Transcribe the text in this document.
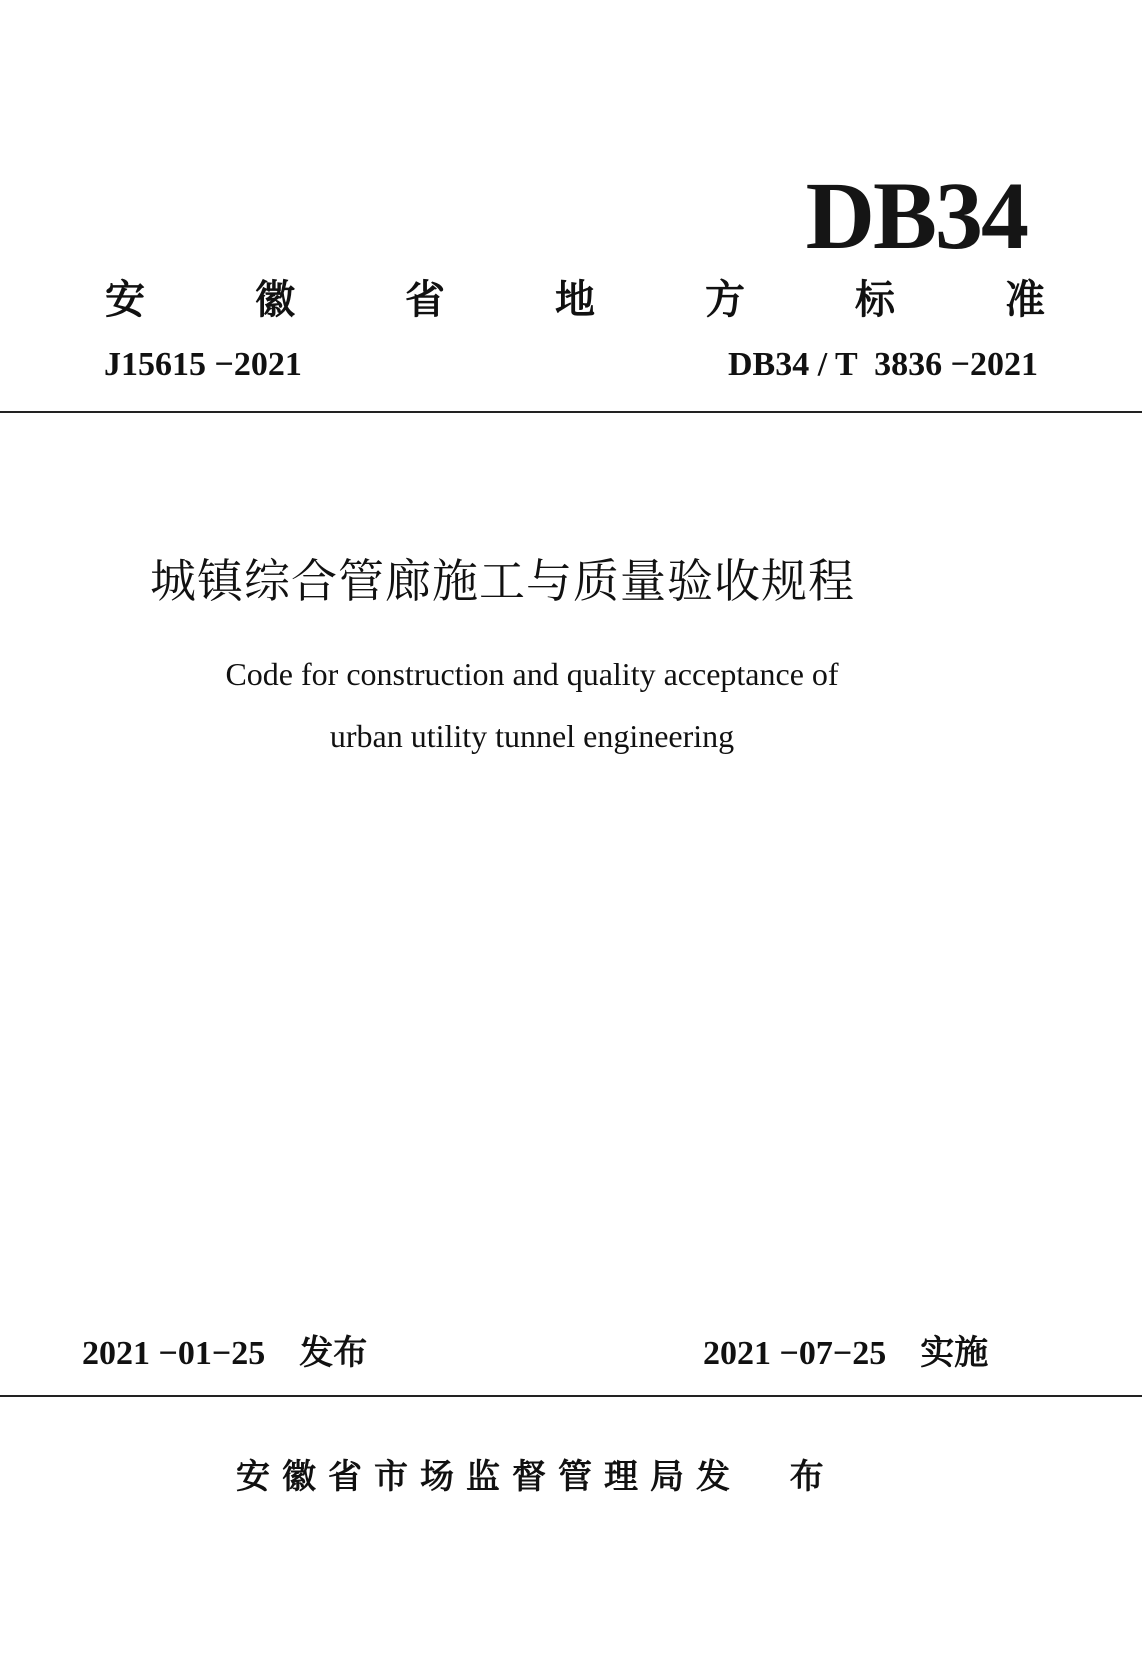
DB34
安	徽	省	地	方	标	准
J15615 −2021	DB34 / T  3836 −2021
城镇综合管廊施工与质量验收规程
Code for construction and quality acceptance of
urban utility tunnel engineering
2021 −01−25 发布	2021 −07−25 实施
安徽省市场监督管理局发  布
